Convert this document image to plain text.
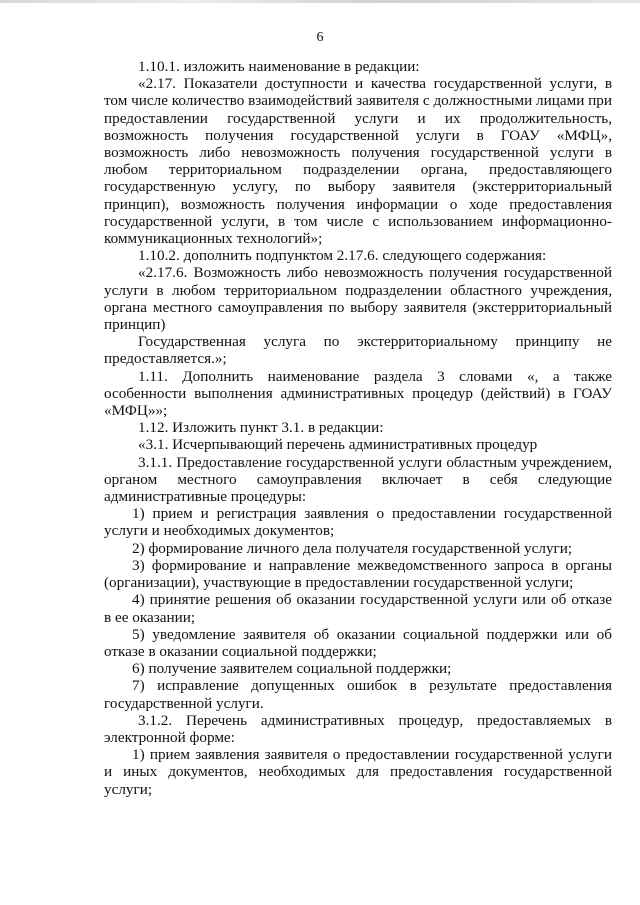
6

1.10.1. изложить наименование в редакции:

«2.17. Показатели доступности и качества государственной услуги, в том числе количество взаимодействий заявителя с должностными лицами при предоставлении государственной услуги и их продолжительность, возможность получения государственной услуги в ГОАУ «МФЦ», возможность либо невозможность получения государственной услуги в любом территориальном подразделении органа, предоставляющего государственную услугу, по выбору заявителя (экстерриториальный принцип), возможность получения информации о ходе предоставления государственной услуги, в том числе с использованием информационно-коммуникационных технологий»;

1.10.2. дополнить подпунктом 2.17.6. следующего содержания:

«2.17.6. Возможность либо невозможность получения государственной услуги в любом территориальном подразделении областного учреждения, органа местного самоуправления по выбору заявителя (экстерриториальный принцип)

Государственная услуга по экстерриториальному принципу не предоставляется.»;

1.11. Дополнить наименование раздела 3 словами «, а также особенности выполнения административных процедур (действий) в ГОАУ «МФЦ»»;

1.12. Изложить пункт 3.1. в редакции:

«3.1. Исчерпывающий перечень административных процедур

3.1.1. Предоставление государственной услуги областным учреждением, органом местного самоуправления включает в себя следующие административные процедуры:

1) прием и регистрация заявления о предоставлении государственной услуги и необходимых документов;

2) формирование личного дела получателя государственной услуги;

3) формирование и направление межведомственного запроса в органы (организации), участвующие в предоставлении государственной услуги;

4) принятие решения об оказании государственной услуги или об отказе в ее оказании;

5) уведомление заявителя об оказании социальной поддержки или об отказе в оказании социальной поддержки;

6) получение заявителем социальной поддержки;

7) исправление допущенных ошибок в результате предоставления государственной услуги.

3.1.2. Перечень административных процедур, предоставляемых в электронной форме:

1) прием заявления заявителя о предоставлении государственной услуги и иных документов, необходимых для предоставления государственной услуги;
